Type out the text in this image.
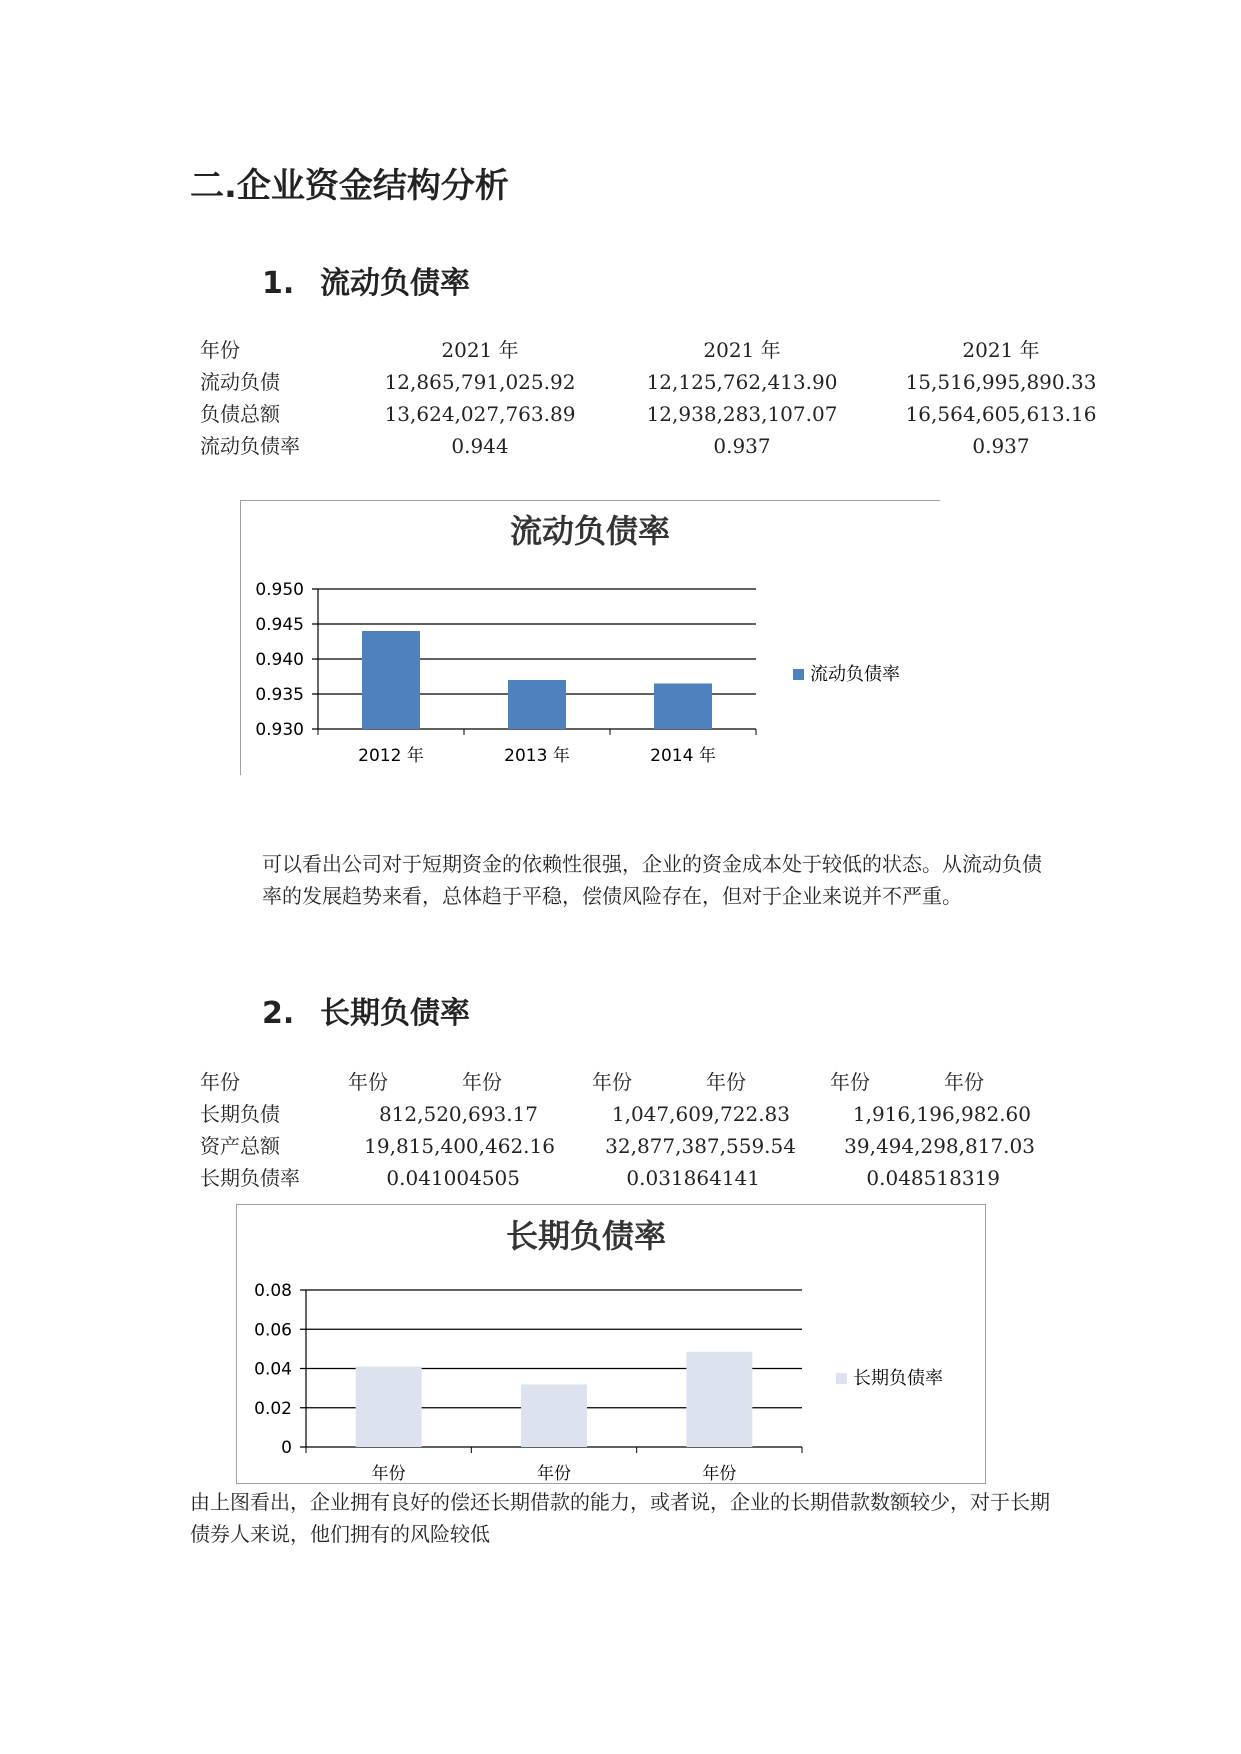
二.企业资金结构分析
1. 流动负债率
年份	2021 年	2021 年	2021 年
流动负债	12,865,791,025.92	12,125,762,413.90	15,516,995,890.33
负债总额	13,624,027,763.89	12,938,283,107.07	16,564,605,613.16
流动负债率	0.944	0.937	0.937
流动负债率
0.950
0.945
0.940
0.935
0.930
2012 年	2013 年	2014 年
流动负债率
可以看出公司对于短期资金的依赖性很强，企业的资金成本处于较低的状态。从流动负债率的发展趋势来看，总体趋于平稳，偿债风险存在，但对于企业来说并不严重。
2. 长期负债率
年份	年份	年份	年份	年份	年份	年份
长期负债	812,520,693.17	1,047,609,722.83	1,916,196,982.60
资产总额	19,815,400,462.16	32,877,387,559.54 39,494,298,817.03
长期负债率	0.041004505	0.031864141	0.048518319
长期负债率
0.08
0.06
0.04
0.02
0
年份	年份	年份
长期负债率
由上图看出，企业拥有良好的偿还长期借款的能力，或者说，企业的长期借款数额较少，对于长期债券人来说，他们拥有的风险较低
